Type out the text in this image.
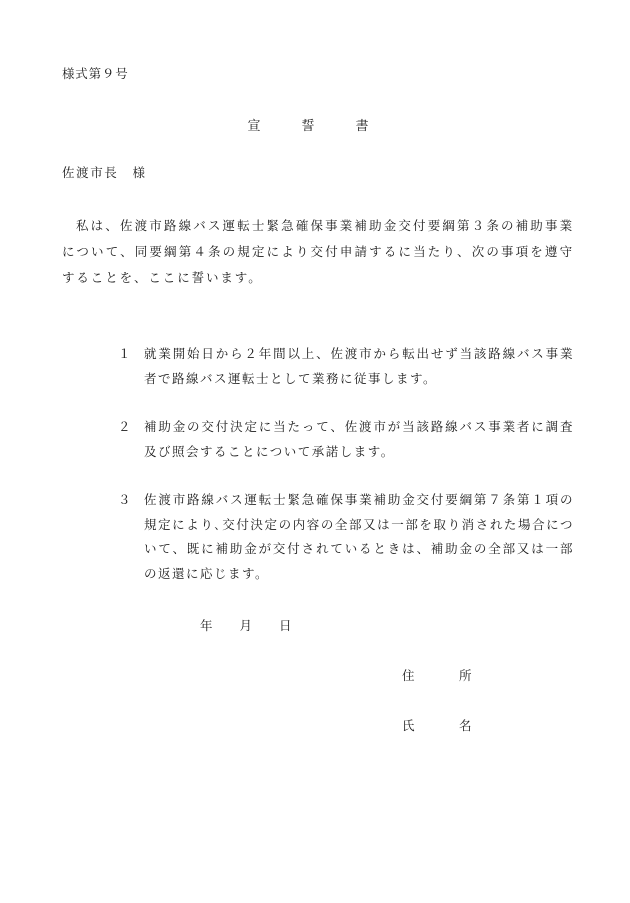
様式第９号
宣　誓　書
佐渡市長　様
私は、佐渡市路線バス運転士緊急確保事業補助金交付要綱第３条の補助事業について、同要綱第４条の規定により交付申請するに当たり、次の事項を遵守することを、ここに誓います。
１ 就業開始日から２年間以上、佐渡市から転出せず当該路線バス事業者で路線バス運転士として業務に従事します。
２ 補助金の交付決定に当たって、佐渡市が当該路線バス事業者に調査及び照会することについて承諾します。
３ 佐渡市路線バス運転士緊急確保事業補助金交付要綱第７条第１項の規定により､交付決定の内容の全部又は一部を取り消された場合について、既に補助金が交付されているときは、補助金の全部又は一部の返還に応じます。
年 月 日
住　所
氏　名
